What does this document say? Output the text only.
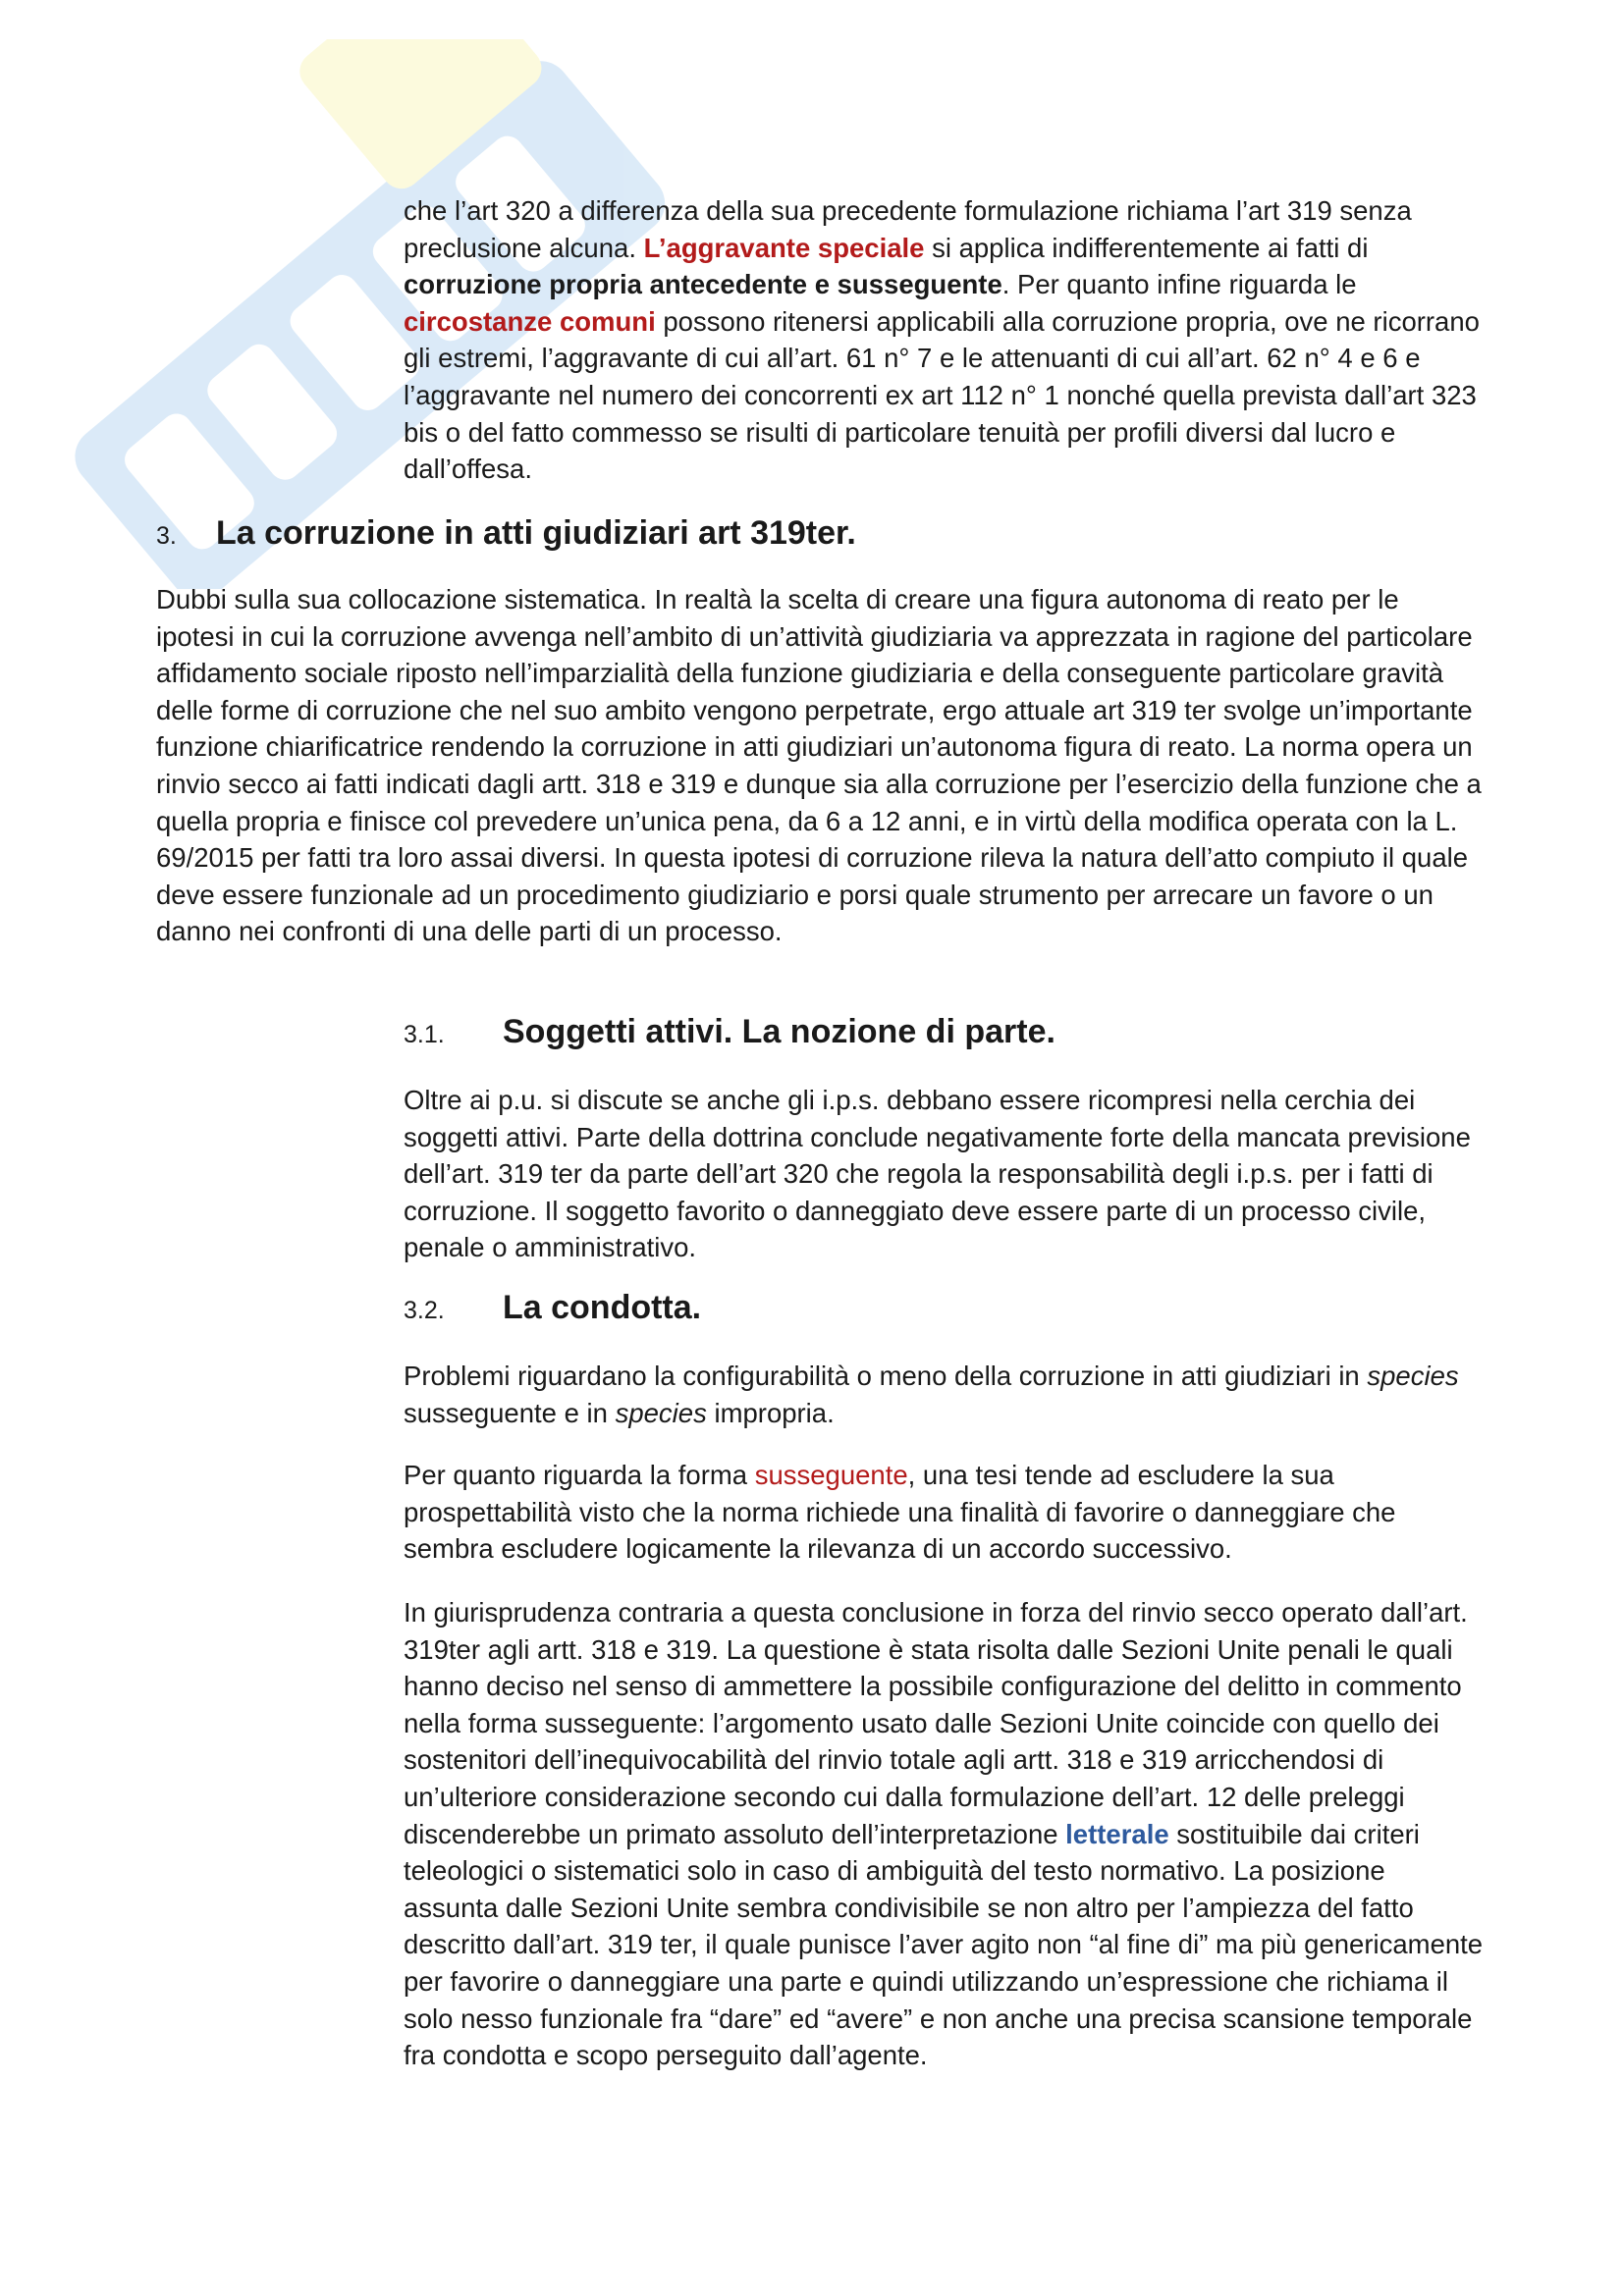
che l’art 320 a differenza della sua precedente formulazione richiama l’art 319 senza preclusione alcuna. L’aggravante speciale si applica indifferentemente ai fatti di corruzione propria antecedente e susseguente. Per quanto infine riguarda le circostanze comuni possono ritenersi applicabili alla corruzione propria, ove ne ricorrano gli estremi, l’aggravante di cui all’art. 61 n° 7 e le attenuanti di cui all’art. 62 n° 4 e 6 e l’aggravante nel numero dei concorrenti ex art 112 n° 1 nonché quella prevista dall’art 323 bis o del fatto commesso se risulti di particolare tenuità per profili diversi dal lucro e dall’offesa.

3. La corruzione in atti giudiziari art 319ter.

Dubbi sulla sua collocazione sistematica. In realtà la scelta di creare una figura autonoma di reato per le ipotesi in cui la corruzione avvenga nell’ambito di un’attività giudiziaria va apprezzata in ragione del particolare affidamento sociale riposto nell’imparzialità della funzione giudiziaria e della conseguente particolare gravità delle forme di corruzione che nel suo ambito vengono perpetrate, ergo attuale art 319 ter svolge un’importante funzione chiarificatrice rendendo la corruzione in atti giudiziari un’autonoma figura di reato. La norma opera un rinvio secco ai fatti indicati dagli artt. 318 e 319 e dunque sia alla corruzione per l’esercizio della funzione che a quella propria e finisce col prevedere un’unica pena, da 6 a 12 anni, e in virtù della modifica operata con la L. 69/2015 per fatti tra loro assai diversi. In questa ipotesi di corruzione rileva la natura dell’atto compiuto il quale deve essere funzionale ad un procedimento giudiziario e porsi quale strumento per arrecare un favore o un danno nei confronti di una delle parti di un processo.

3.1. Soggetti attivi. La nozione di parte.

Oltre ai p.u. si discute se anche gli i.p.s. debbano essere ricompresi nella cerchia dei soggetti attivi. Parte della dottrina conclude negativamente forte della mancata previsione dell’art. 319 ter da parte dell’art 320 che regola la responsabilità degli i.p.s. per i fatti di corruzione. Il soggetto favorito o danneggiato deve essere parte di un processo civile, penale o amministrativo.

3.2. La condotta.

Problemi riguardano la configurabilità o meno della corruzione in atti giudiziari in species susseguente e in species impropria.

Per quanto riguarda la forma susseguente, una tesi tende ad escludere la sua prospettabilità visto che la norma richiede una finalità di favorire o danneggiare che sembra escludere logicamente la rilevanza di un accordo successivo.

In giurisprudenza contraria a questa conclusione in forza del rinvio secco operato dall’art. 319ter agli artt. 318 e 319. La questione è stata risolta dalle Sezioni Unite penali le quali hanno deciso nel senso di ammettere la possibile configurazione del delitto in commento nella forma susseguente: l’argomento usato dalle Sezioni Unite coincide con quello dei sostenitori dell’inequivocabilità del rinvio totale agli artt. 318 e 319 arricchendosi di un’ulteriore considerazione secondo cui dalla formulazione dell’art. 12 delle preleggi discenderebbe un primato assoluto dell’interpretazione letterale sostituibile dai criteri teleologici o sistematici solo in caso di ambiguità del testo normativo. La posizione assunta dalle Sezioni Unite sembra condivisibile se non altro per l’ampiezza del fatto descritto dall’art. 319 ter, il quale punisce l’aver agito non “al fine di” ma più genericamente per favorire o danneggiare una parte e quindi utilizzando un’espressione che richiama il solo nesso funzionale fra “dare” ed “avere” e non anche una precisa scansione temporale fra condotta e scopo perseguito dall’agente.
